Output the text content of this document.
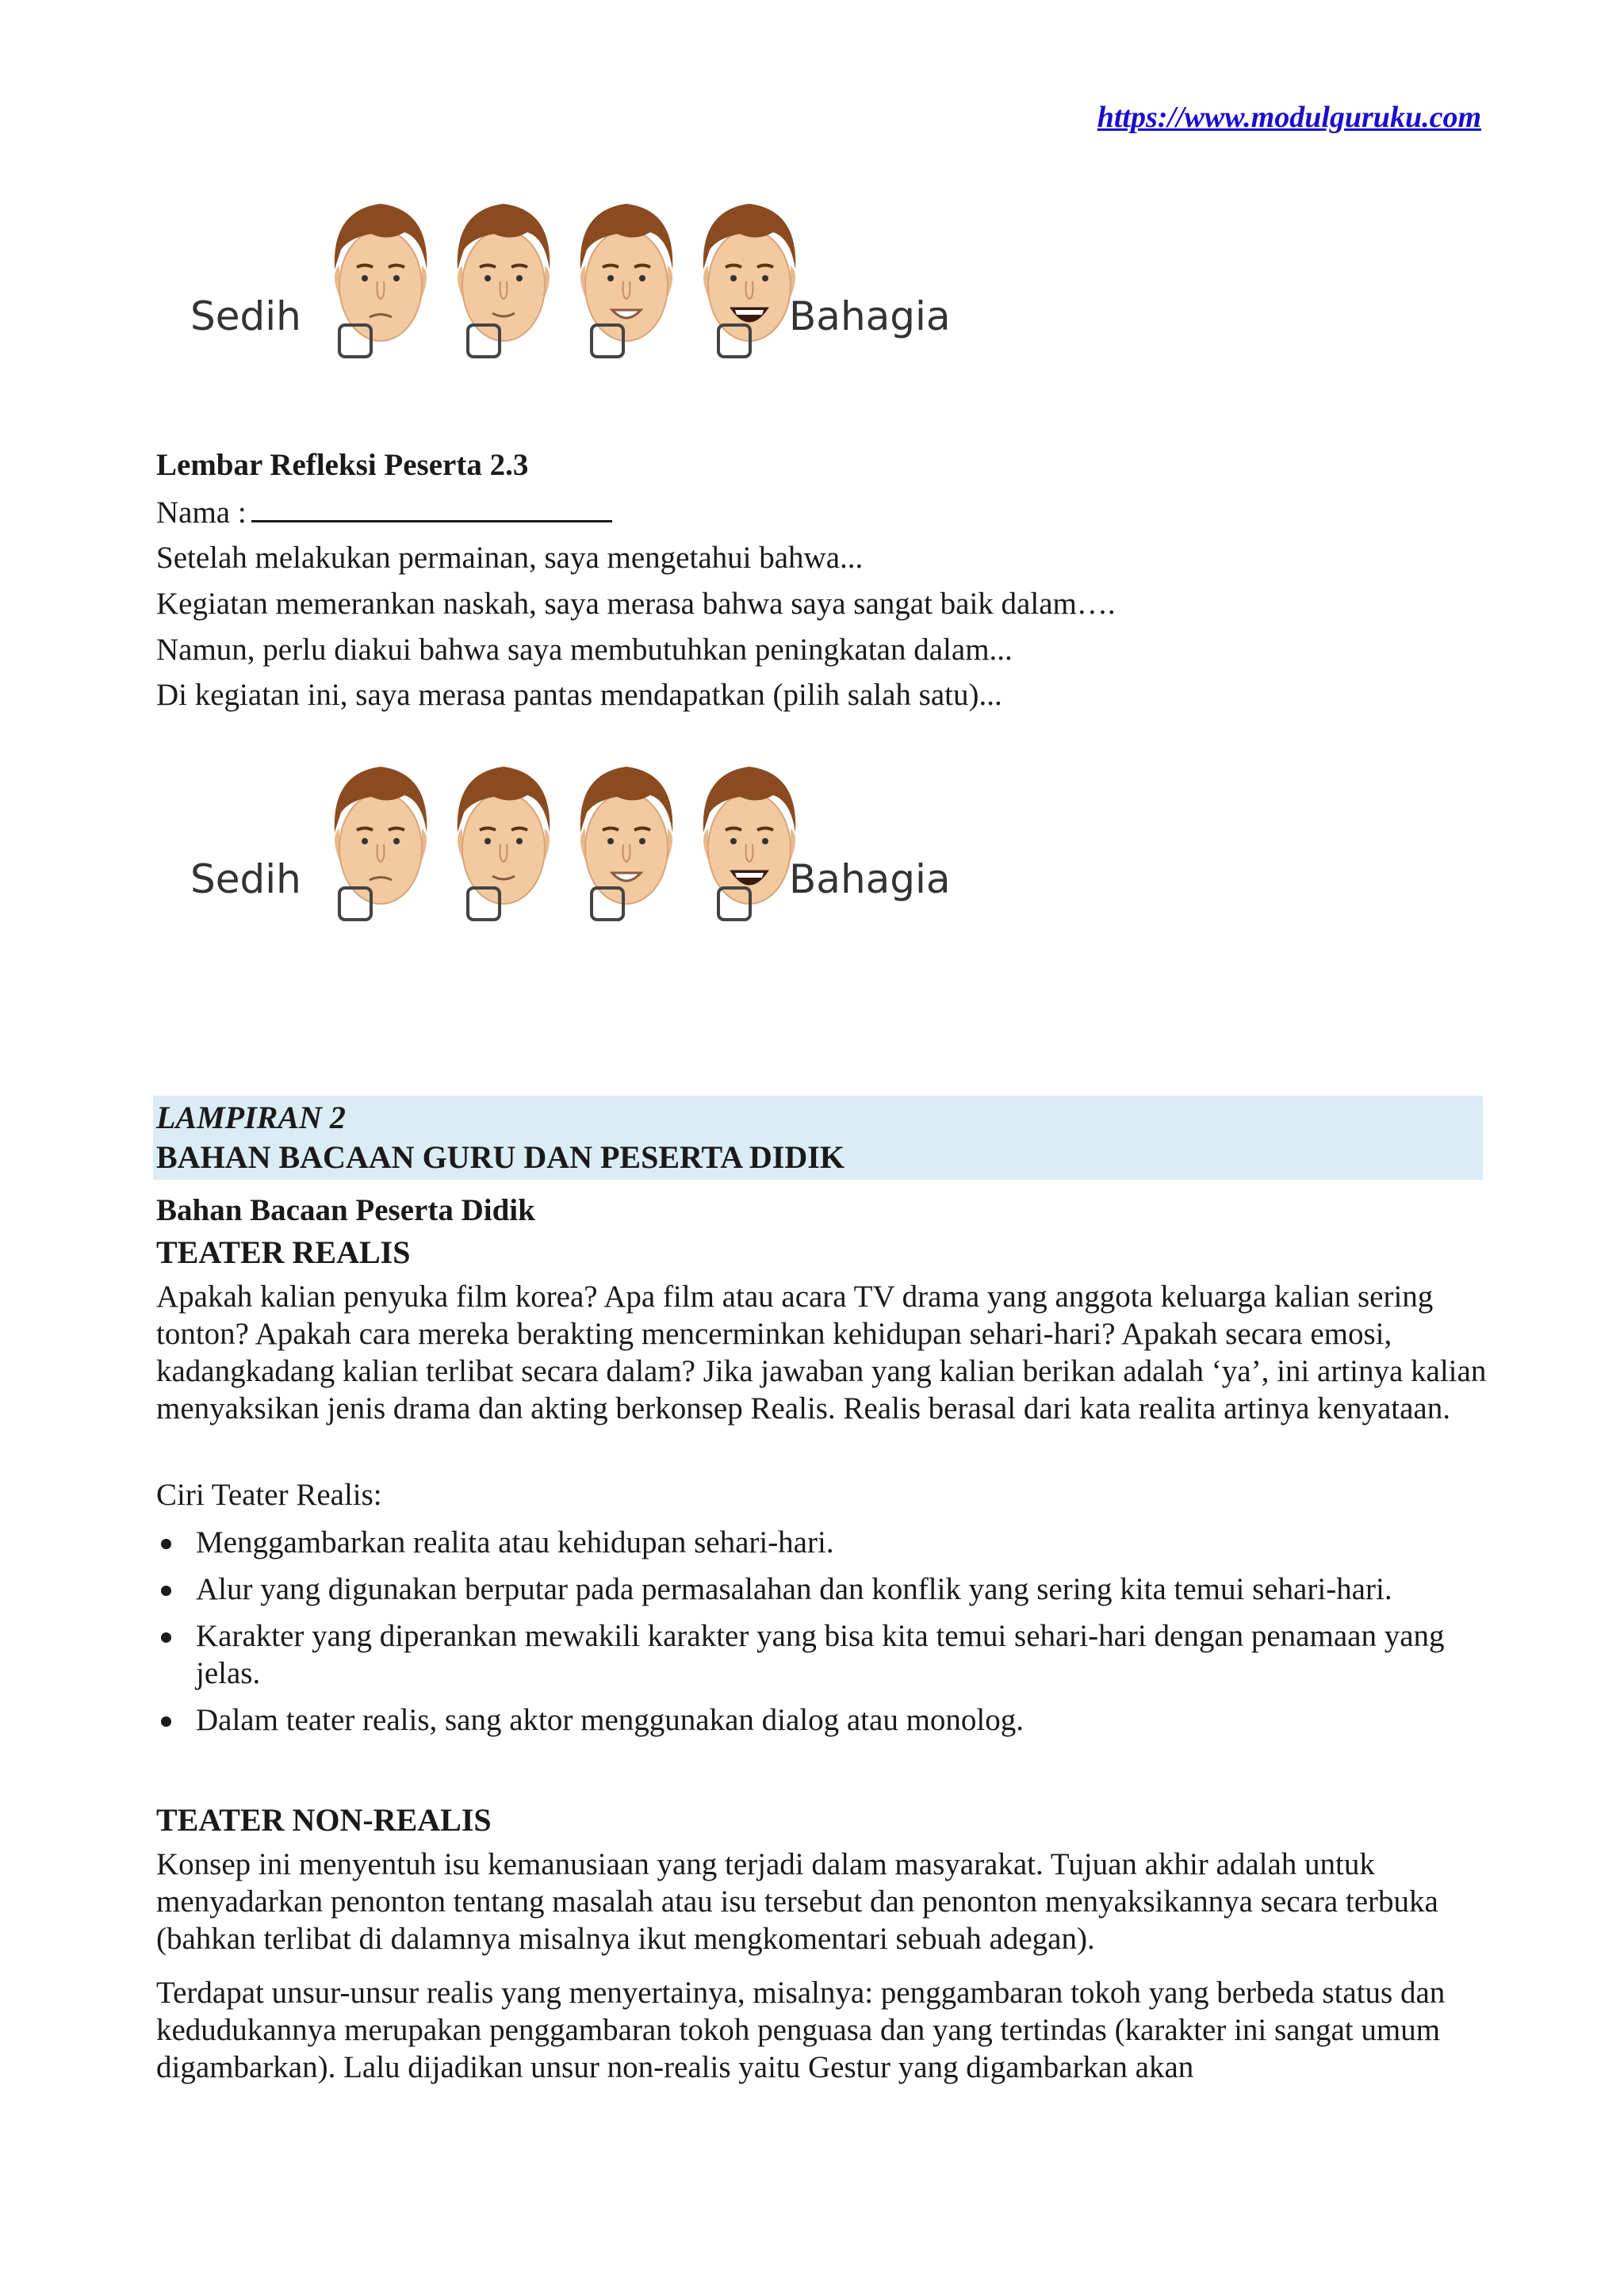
https://www.modulguruku.com
Sedih	Bahagia
Lembar Refleksi Peserta 2.3
Nama :
Setelah melakukan permainan, saya mengetahui bahwa...
Kegiatan memerankan naskah, saya merasa bahwa saya sangat baik dalam….
Namun, perlu diakui bahwa saya membutuhkan peningkatan dalam...
Di kegiatan ini, saya merasa pantas mendapatkan (pilih salah satu)...
Sedih	Bahagia
LAMPIRAN 2
BAHAN BACAAN GURU DAN PESERTA DIDIK
Bahan Bacaan Peserta Didik
TEATER REALIS
Apakah kalian penyuka film korea? Apa film atau acara TV drama yang anggota keluarga kalian sering tonton? Apakah cara mereka berakting mencerminkan kehidupan sehari-hari? Apakah secara emosi, kadangkadang kalian terlibat secara dalam? Jika jawaban yang kalian berikan adalah ‘ya’, ini artinya kalian menyaksikan jenis drama dan akting berkonsep Realis. Realis berasal dari kata realita artinya kenyataan.
Ciri Teater Realis:
Menggambarkan realita atau kehidupan sehari-hari.
Alur yang digunakan berputar pada permasalahan dan konflik yang sering kita temui sehari-hari.
Karakter yang diperankan mewakili karakter yang bisa kita temui sehari-hari dengan penamaan yang jelas.
Dalam teater realis, sang aktor menggunakan dialog atau monolog.
TEATER NON-REALIS
Konsep ini menyentuh isu kemanusiaan yang terjadi dalam masyarakat. Tujuan akhir adalah untuk menyadarkan penonton tentang masalah atau isu tersebut dan penonton menyaksikannya secara terbuka (bahkan terlibat di dalamnya misalnya ikut mengkomentari sebuah adegan).
Terdapat unsur-unsur realis yang menyertainya, misalnya: penggambaran tokoh yang berbeda status dan kedudukannya merupakan penggambaran tokoh penguasa dan yang tertindas (karakter ini sangat umum digambarkan). Lalu dijadikan unsur non-realis yaitu Gestur yang digambarkan akan
